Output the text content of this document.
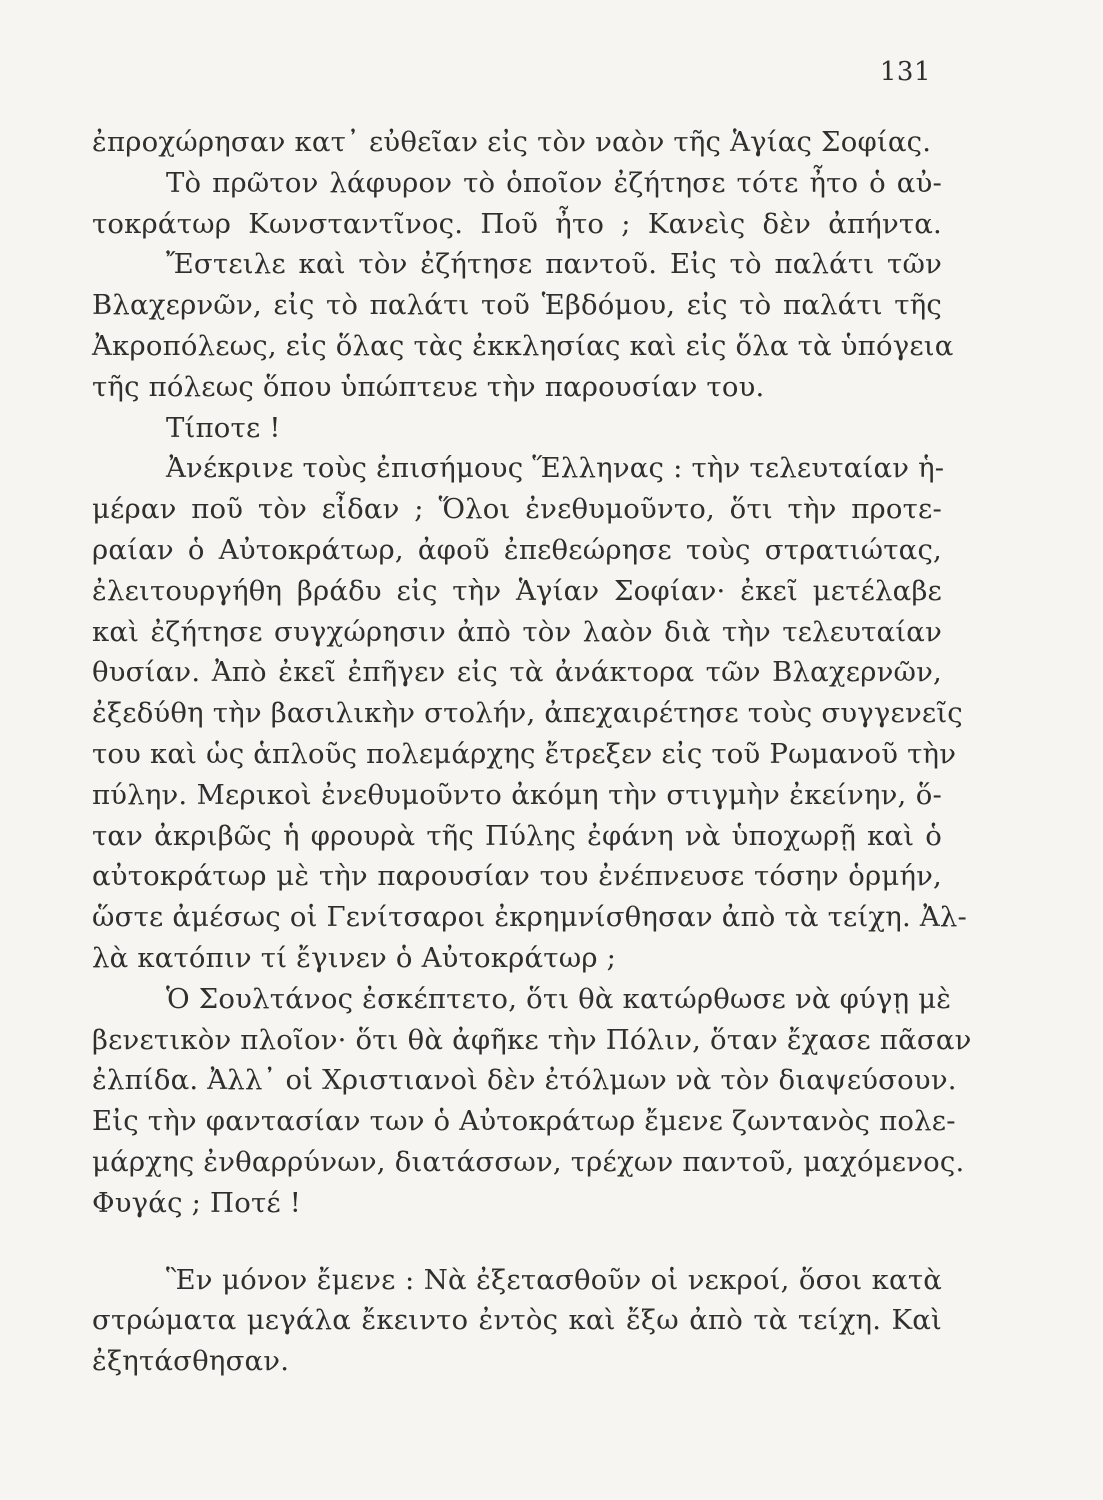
131
ἐπροχώρησαν κατ᾿ εὐθεῖαν εἰς τὸν ναὸν τῆς Ἁγίας Σοφίας.
Τὸ πρῶτον λάφυρον τὸ ὁποῖον ἐζήτησε τότε ἦτο ὁ αὐ-
τοκράτωρ Κωνσταντῖνος. Ποῦ ἦτο ; Κανεὶς δὲν ἀπήντα.
Ἔστειλε καὶ τὸν ἐζήτησε παντοῦ. Εἰς τὸ παλάτι τῶν
Βλαχερνῶν, εἰς τὸ παλάτι τοῦ Ἑβδόμου, εἰς τὸ παλάτι τῆς
Ἀκροπόλεως, εἰς ὅλας τὰς ἐκκλησίας καὶ εἰς ὅλα τὰ ὑπόγεια
τῆς πόλεως ὅπου ὑπώπτευε τὴν παρουσίαν του.
Τίποτε !
Ἀνέκρινε τοὺς ἐπισήμους Ἕλληνας : τὴν τελευταίαν ἡ-
μέραν ποῦ τὸν εἶδαν ; Ὅλοι ἐνεθυμοῦντο, ὅτι τὴν προτε-
ραίαν ὁ Αὐτοκράτωρ, ἀφοῦ ἐπεθεώρησε τοὺς στρατιώτας,
ἐλειτουργήθη βράδυ εἰς τὴν Ἁγίαν Σοφίαν· ἐκεῖ μετέλαβε
καὶ ἐζήτησε συγχώρησιν ἀπὸ τὸν λαὸν διὰ τὴν τελευταίαν
θυσίαν. Ἀπὸ ἐκεῖ ἐπῆγεν εἰς τὰ ἀνάκτορα τῶν Βλαχερνῶν,
ἐξεδύθη τὴν βασιλικὴν στολήν, ἀπεχαιρέτησε τοὺς συγγενεῖς
του καὶ ὡς ἁπλοῦς πολεμάρχης ἔτρεξεν εἰς τοῦ Ρωμανοῦ τὴν
πύλην. Μερικοὶ ἐνεθυμοῦντο ἀκόμη τὴν στιγμὴν ἐκείνην, ὅ-
ταν ἀκριβῶς ἡ φρουρὰ τῆς Πύλης ἐφάνη νὰ ὑποχωρῇ καὶ ὁ
αὐτοκράτωρ μὲ τὴν παρουσίαν του ἐνέπνευσε τόσην ὁρμήν,
ὥστε ἀμέσως οἱ Γενίτσαροι ἐκρημνίσθησαν ἀπὸ τὰ τείχη. Ἀλ-
λὰ κατόπιν τί ἔγινεν ὁ Αὐτοκράτωρ ;
Ὁ Σουλτάνος ἐσκέπτετο, ὅτι θὰ κατώρθωσε νὰ φύγῃ μὲ
βενετικὸν πλοῖον· ὅτι θὰ ἀφῆκε τὴν Πόλιν, ὅταν ἔχασε πᾶσαν
ἐλπίδα. Ἀλλ᾿ οἱ Χριστιανοὶ δὲν ἐτόλμων νὰ τὸν διαψεύσουν.
Εἰς τὴν φαντασίαν των ὁ Αὐτοκράτωρ ἔμενε ζωντανὸς πολε-
μάρχης ἐνθαρρύνων, διατάσσων, τρέχων παντοῦ, μαχόμενος.
Φυγάς ; Ποτέ !
Ἓν μόνον ἔμενε : Νὰ ἐξετασθοῦν οἱ νεκροί, ὅσοι κατὰ
στρώματα μεγάλα ἔκειντο ἐντὸς καὶ ἔξω ἀπὸ τὰ τείχη. Καὶ
ἐξητάσθησαν.
